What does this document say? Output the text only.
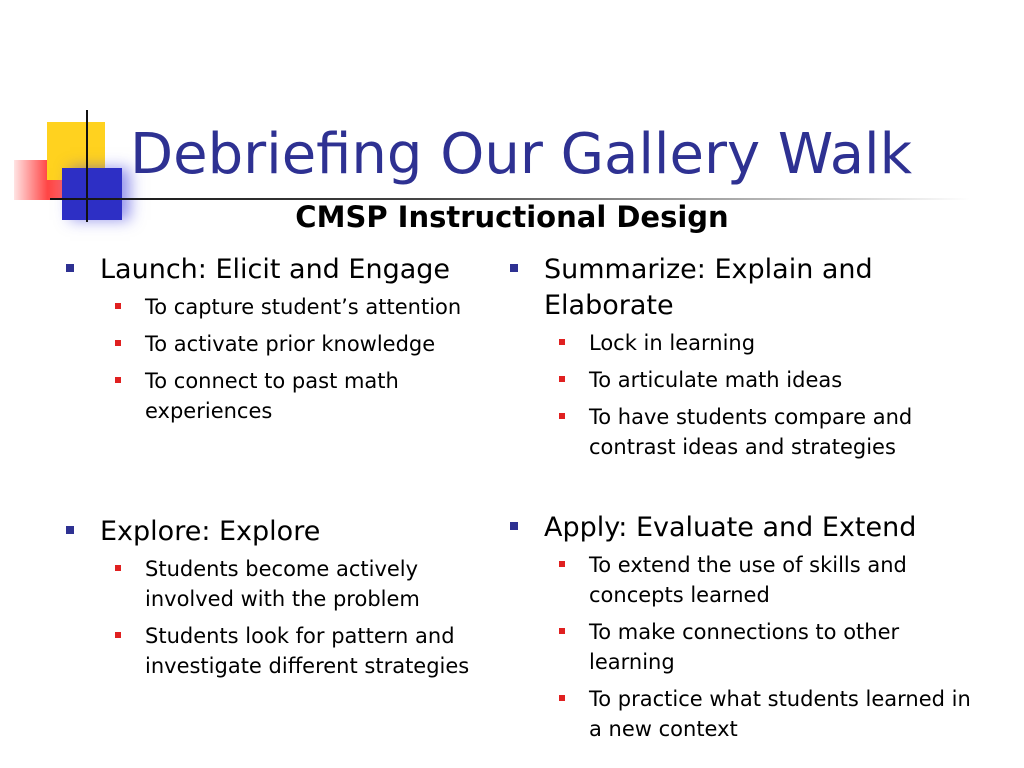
Debriefing Our Gallery Walk
CMSP Instructional Design
Launch: Elicit and Engage
To capture student’s attention
To activate prior knowledge
To connect to past math experiences
Explore: Explore
Students become actively involved with the problem
Students look for pattern and investigate different strategies
Summarize: Explain and Elaborate
Lock in learning
To articulate math ideas
To have students compare and contrast ideas and strategies
Apply: Evaluate and Extend
To extend the use of skills and concepts learned
To make connections to other learning
To practice what students learned in a new context
